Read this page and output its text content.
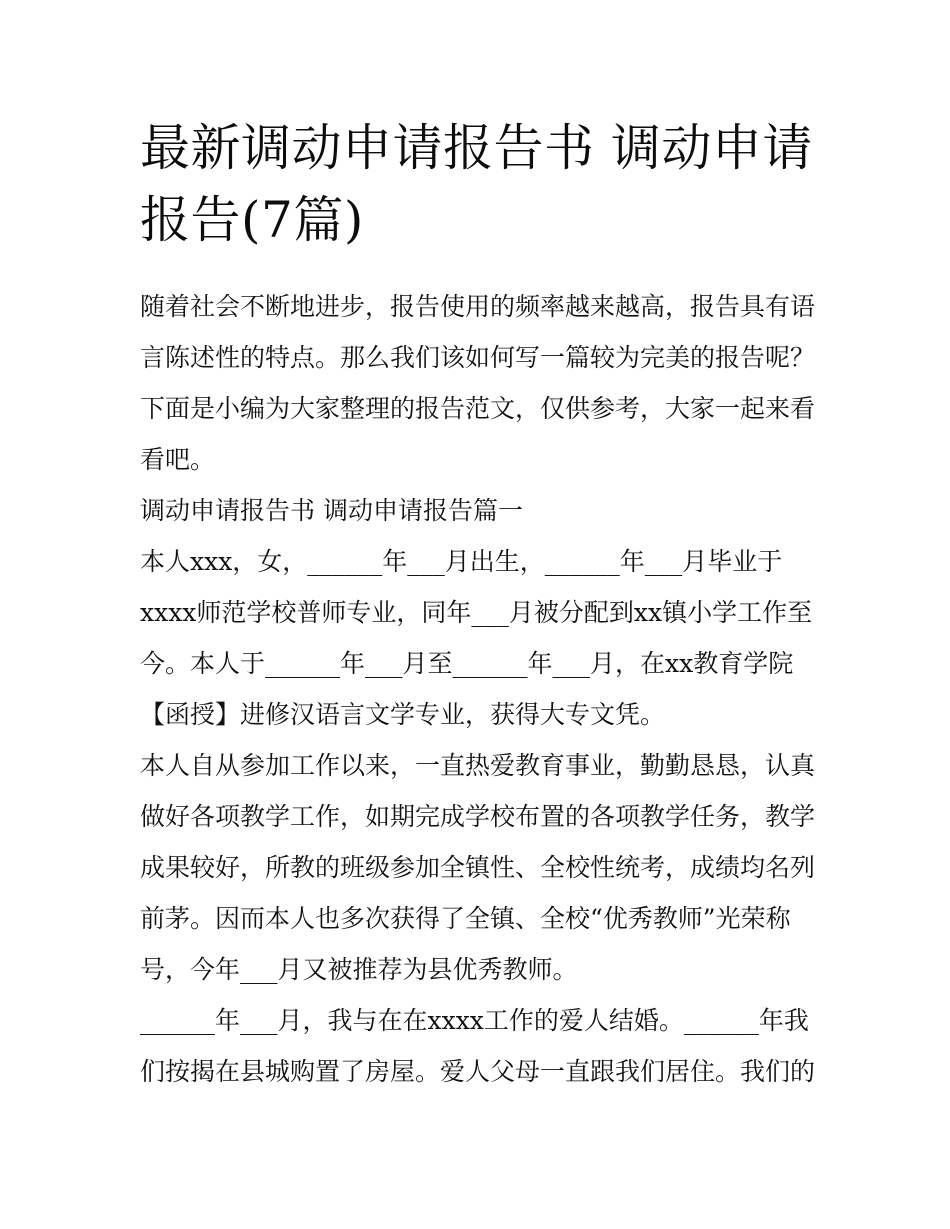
最新调动申请报告书 调动申请
报告(7篇)
随着社会不断地进步，报告使用的频率越来越高，报告具有语
言陈述性的特点。那么我们该如何写一篇较为完美的报告呢？
下面是小编为大家整理的报告范文，仅供参考，大家一起来看
看吧。
调动申请报告书 调动申请报告篇一
本人xxx，女，______年___月出生，______年___月毕业于
xxxx师范学校普师专业，同年___月被分配到xx镇小学工作至
今。本人于______年___月至______年___月，在xx教育学院
【函授】进修汉语言文学专业，获得大专文凭。
本人自从参加工作以来，一直热爱教育事业，勤勤恳恳，认真
做好各项教学工作，如期完成学校布置的各项教学任务，教学
成果较好，所教的班级参加全镇性、全校性统考，成绩均名列
前茅。因而本人也多次获得了全镇、全校“优秀教师”光荣称
号，今年___月又被推荐为县优秀教师。
______年___月，我与在在xxxx工作的爱人结婚。______年我
们按揭在县城购置了房屋。爱人父母一直跟我们居住。我们的
